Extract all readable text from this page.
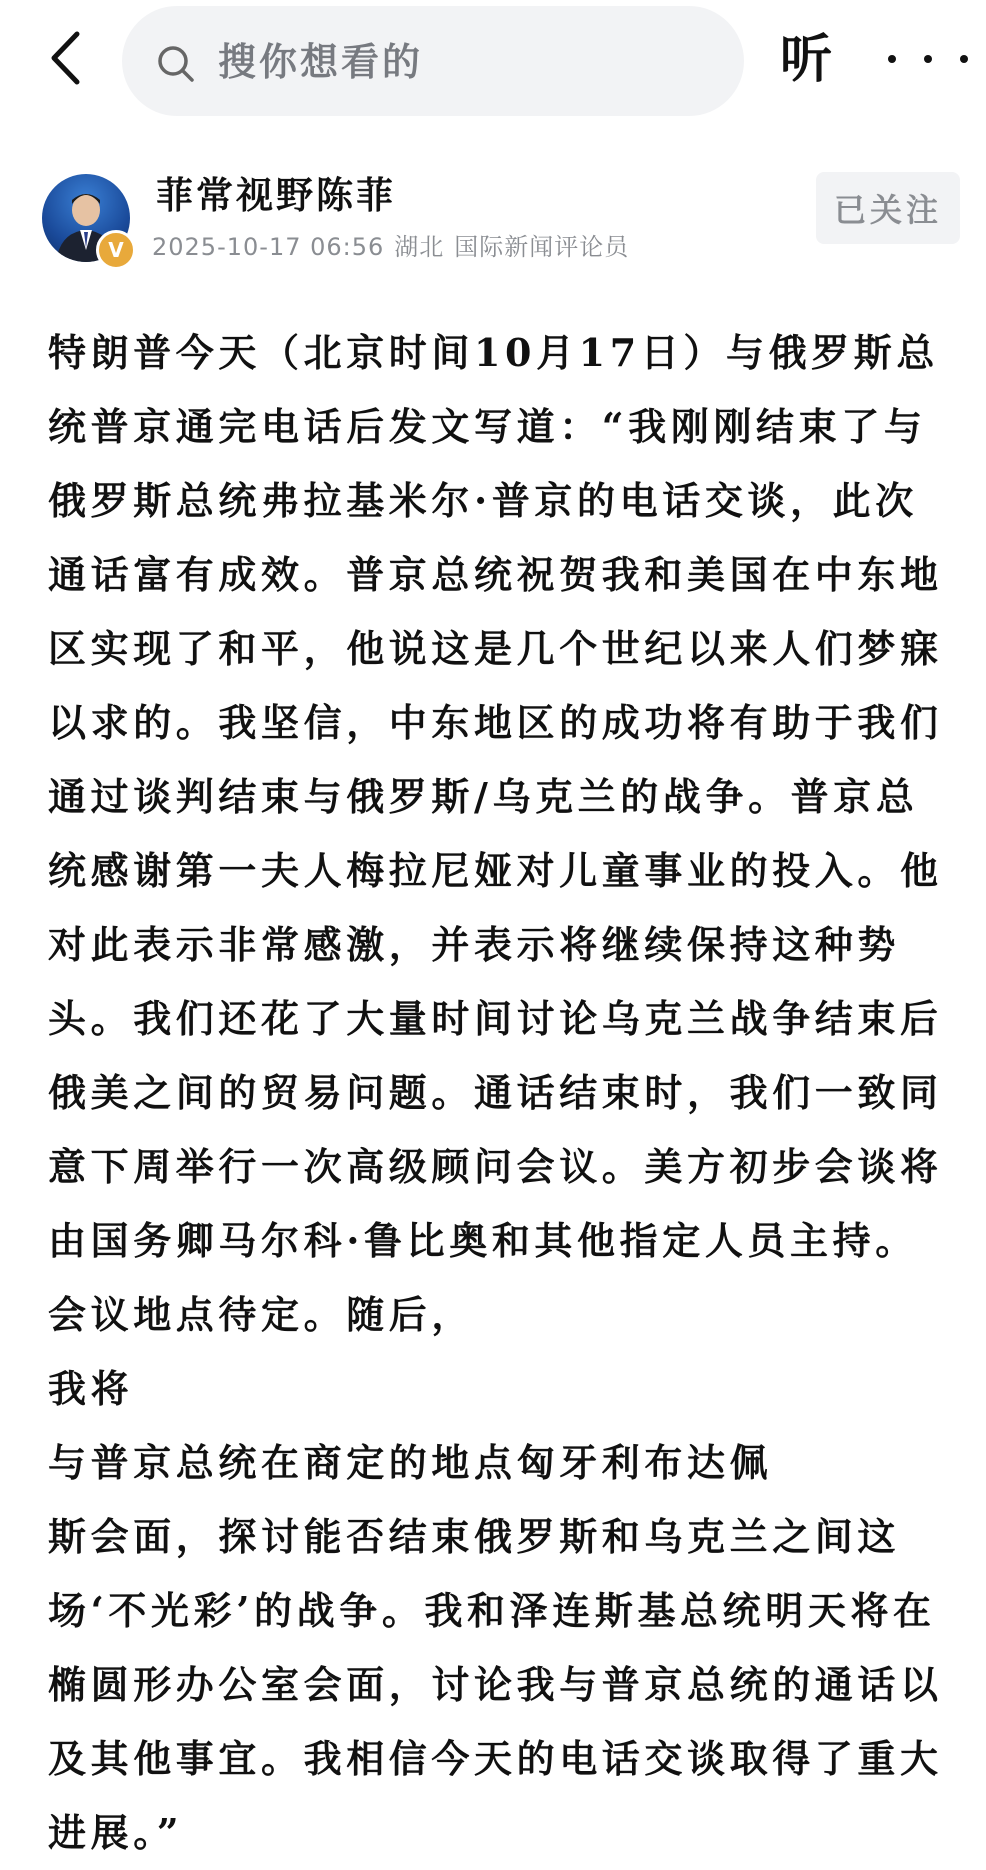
搜你想看的	听
V
菲常视野陈菲
2025-10-17 06:56 湖北 国际新闻评论员
已关注

特朗普今天（北京时间10月17日）与俄罗斯总统普京通完电话后发文写道：“我刚刚结束了与俄罗斯总统弗拉基米尔·普京的电话交谈，此次通话富有成效。普京总统祝贺我和美国在中东地区实现了和平，他说这是几个世纪以来人们梦寐以求的。我坚信，中东地区的成功将有助于我们通过谈判结束与俄罗斯/乌克兰的战争。普京总统感谢第一夫人梅拉尼娅对儿童事业的投入。他对此表示非常感激，并表示将继续保持这种势头。我们还花了大量时间讨论乌克兰战争结束后俄美之间的贸易问题。通话结束时，我们一致同意下周举行一次高级顾问会议。美方初步会谈将由国务卿马尔科·鲁比奥和其他指定人员主持。会议地点待定。随后，

我将

与普京总统在商定的地点匈牙利布达佩

斯会面，探讨能否结束俄罗斯和乌克兰之间这场‘不光彩’的战争。我和泽连斯基总统明天将在椭圆形办公室会面，讨论我与普京总统的通话以及其他事宜。我相信今天的电话交谈取得了重大进展。”
